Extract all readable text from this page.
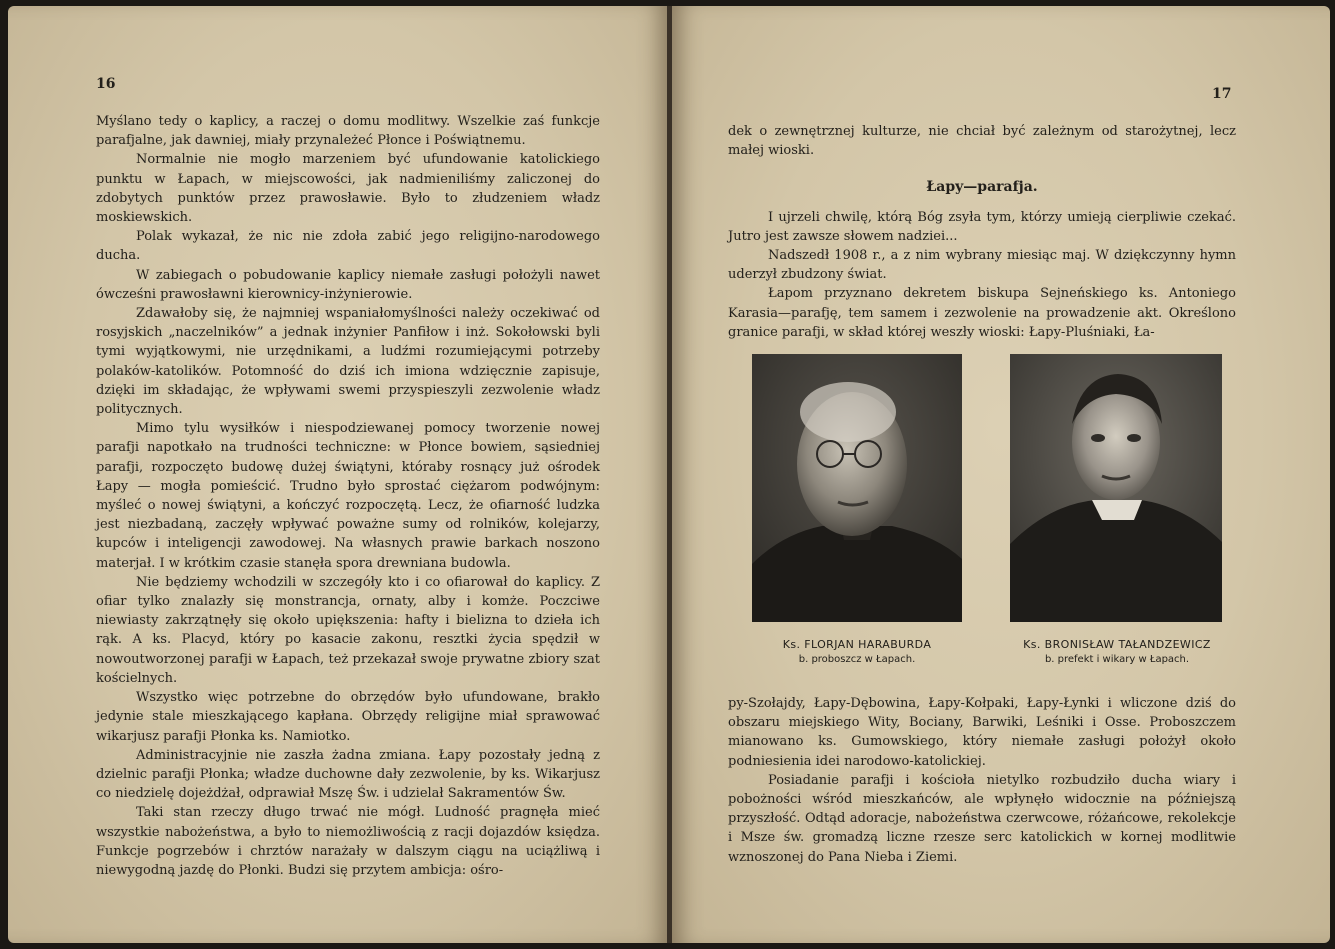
16

Myślano tedy o kaplicy, a raczej o domu modlitwy. Wszelkie zaś funkcje parafjalne, jak dawniej, miały przynależeć Płonce i Poświątnemu.

Normalnie nie mogło marzeniem być ufundowanie katolickiego punktu w Łapach, w miejscowości, jak nadmieniliśmy zaliczonej do zdobytych punktów przez prawosławie. Było to złudzeniem władz moskiewskich.

Polak wykazał, że nic nie zdoła zabić jego religijno-narodowego ducha.

W zabiegach o pobudowanie kaplicy niemałe zasługi położyli nawet ówcześni prawosławni kierownicy-inżynierowie.

Zdawałoby się, że najmniej wspaniałomyślności należy oczekiwać od rosyjskich „naczelników” a jednak inżynier Panfiłow i inż. Sokołowski byli tymi wyjątkowymi, nie urzędnikami, a ludźmi rozumiejącymi potrzeby polaków-katolików. Potomność do dziś ich imiona wdzięcznie zapisuje, dzięki im składając, że wpływami swemi przyspieszyli zezwolenie władz politycznych.

Mimo tylu wysiłków i niespodziewanej pomocy tworzenie nowej parafji napotkało na trudności techniczne: w Płonce bowiem, sąsiedniej parafji, rozpoczęto budowę dużej świątyni, któraby rosnący już ośrodek Łapy — mogła pomieścić. Trudno było sprostać ciężarom podwójnym: myśleć o nowej świątyni, a kończyć rozpoczętą. Lecz, że ofiarność ludzka jest niezbadaną, zaczęły wpływać poważne sumy od rolników, kolejarzy, kupców i inteligencji zawodowej. Na własnych prawie barkach noszono materjał. I w krótkim czasie stanęła spora drewniana budowla.

Nie będziemy wchodzili w szczegóły kto i co ofiarował do kaplicy. Z ofiar tylko znalazły się monstrancja, ornaty, alby i komże. Poczciwe niewiasty zakrzątnęły się około upiększenia: hafty i bielizna to dzieła ich rąk. A ks. Placyd, który po kasacie zakonu, resztki życia spędził w nowoutworzonej parafji w Łapach, też przekazał swoje prywatne zbiory szat kościelnych.

Wszystko więc potrzebne do obrzędów było ufundowane, brakło jedynie stale mieszkającego kapłana. Obrzędy religijne miał sprawować wikarjusz parafji Płonka ks. Namiotko.

Administracyjnie nie zaszła żadna zmiana. Łapy pozostały jedną z dzielnic parafji Płonka; władze duchowne dały zezwolenie, by ks. Wikarjusz co niedzielę dojeżdżał, odprawiał Mszę Św. i udzielał Sakramentów Św.

Taki stan rzeczy długo trwać nie mógł. Ludność pragnęła mieć wszystkie nabożeństwa, a było to niemożliwością z racji dojazdów księdza. Funkcje pogrzebów i chrztów narażały w dalszym ciągu na uciążliwą i niewygodną jazdę do Płonki. Budzi się przytem ambicja: ośro-

17

dek o zewnętrznej kulturze, nie chciał być zależnym od starożytnej, lecz małej wioski.

Łapy—parafja.

I ujrzeli chwilę, którą Bóg zsyła tym, którzy umieją cierpliwie czekać. Jutro jest zawsze słowem nadziei...

Nadszedł 1908 r., a z nim wybrany miesiąc maj. W dziękczynny hymn uderzył zbudzony świat.

Łapom przyznano dekretem biskupa Sejneńskiego ks. Antoniego Karasia—parafję, tem samem i zezwolenie na prowadzenie akt. Określono granice parafji, w skład której weszły wioski: Łapy-Pluśniaki, Ła-

Ks. FLORJAN HARABURDA
b. proboszcz w Łapach.
Ks. BRONISŁAW TAŁANDZEWICZ
b. prefekt i wikary w Łapach.

py-Szołajdy, Łapy-Dębowina, Łapy-Kołpaki, Łapy-Łynki i wliczone dziś do obszaru miejskiego Wity, Bociany, Barwiki, Leśniki i Osse. Proboszczem mianowano ks. Gumowskiego, który niemałe zasługi położył około podniesienia idei narodowo-katolickiej.

Posiadanie parafji i kościoła nietylko rozbudziło ducha wiary i pobożności wśród mieszkańców, ale wpłynęło widocznie na późniejszą przyszłość. Odtąd adoracje, nabożeństwa czerwcowe, różańcowe, rekolekcje i Msze św. gromadzą liczne rzesze serc katolickich w kornej modlitwie wznoszonej do Pana Nieba i Ziemi.
